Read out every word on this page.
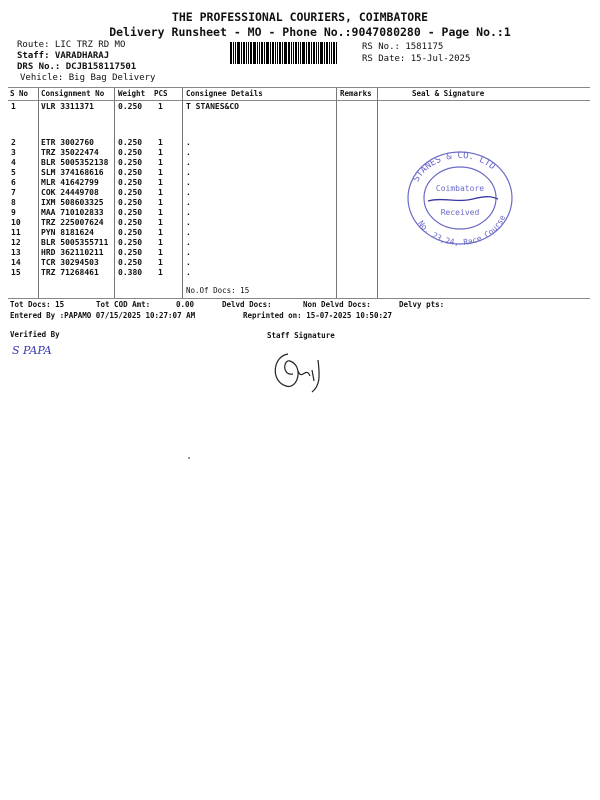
THE PROFESSIONAL COURIERS, COIMBATORE
Delivery Runsheet - MO - Phone No.:9047080280 - Page No.:1
Route: LIC TRZ RD MO
Staff: VARADHARAJ
DRS No.: DCJB158117501
Vehicle: Big Bag Delivery
RS No.: 1581175
RS Date: 15-Jul-2025
S No Consignment No Weight PCS Consignee Details	Remarks	Seal & Signature
1	VLR 3311371	0.250 1	T STANES&CO
2	ETR 3002760	0.250 1	.
3	TRZ 35022474 0.250 1	.
4	BLR 5005352138 0.250 1	.
5	SLM 374168616 0.250 1	.
6	MLR 41642799 0.250 1	.
7	COK 24449708 0.250 1	.
8	IXM 508603325 0.250 1	.
9	MAA 710102833 0.250 1	.
10	TRZ 225007624 0.250 1	.
11	PYN 8181624	0.250 1	.
12	BLR 5005355711 0.250 1	.
13	HRD 362110211 0.250 1	.
14	TCR 30294503 0.250 1	.
15	TRZ 71268461 0.380 1	.
No.Of Docs: 15
STANES & CO. LTD
No. 23,24, Race Course
Coimbatore
Received
Tot Docs: 15	Tot COD Amt:	0.00	Delvd Docs:	Non Delvd Docs:	Delvy pts:
Entered By :PAPAMO 07/15/2025 10:27:07 AM	Reprinted on: 15-07-2025 10:50:27
Verified By	Staff Signature
S PAPA
